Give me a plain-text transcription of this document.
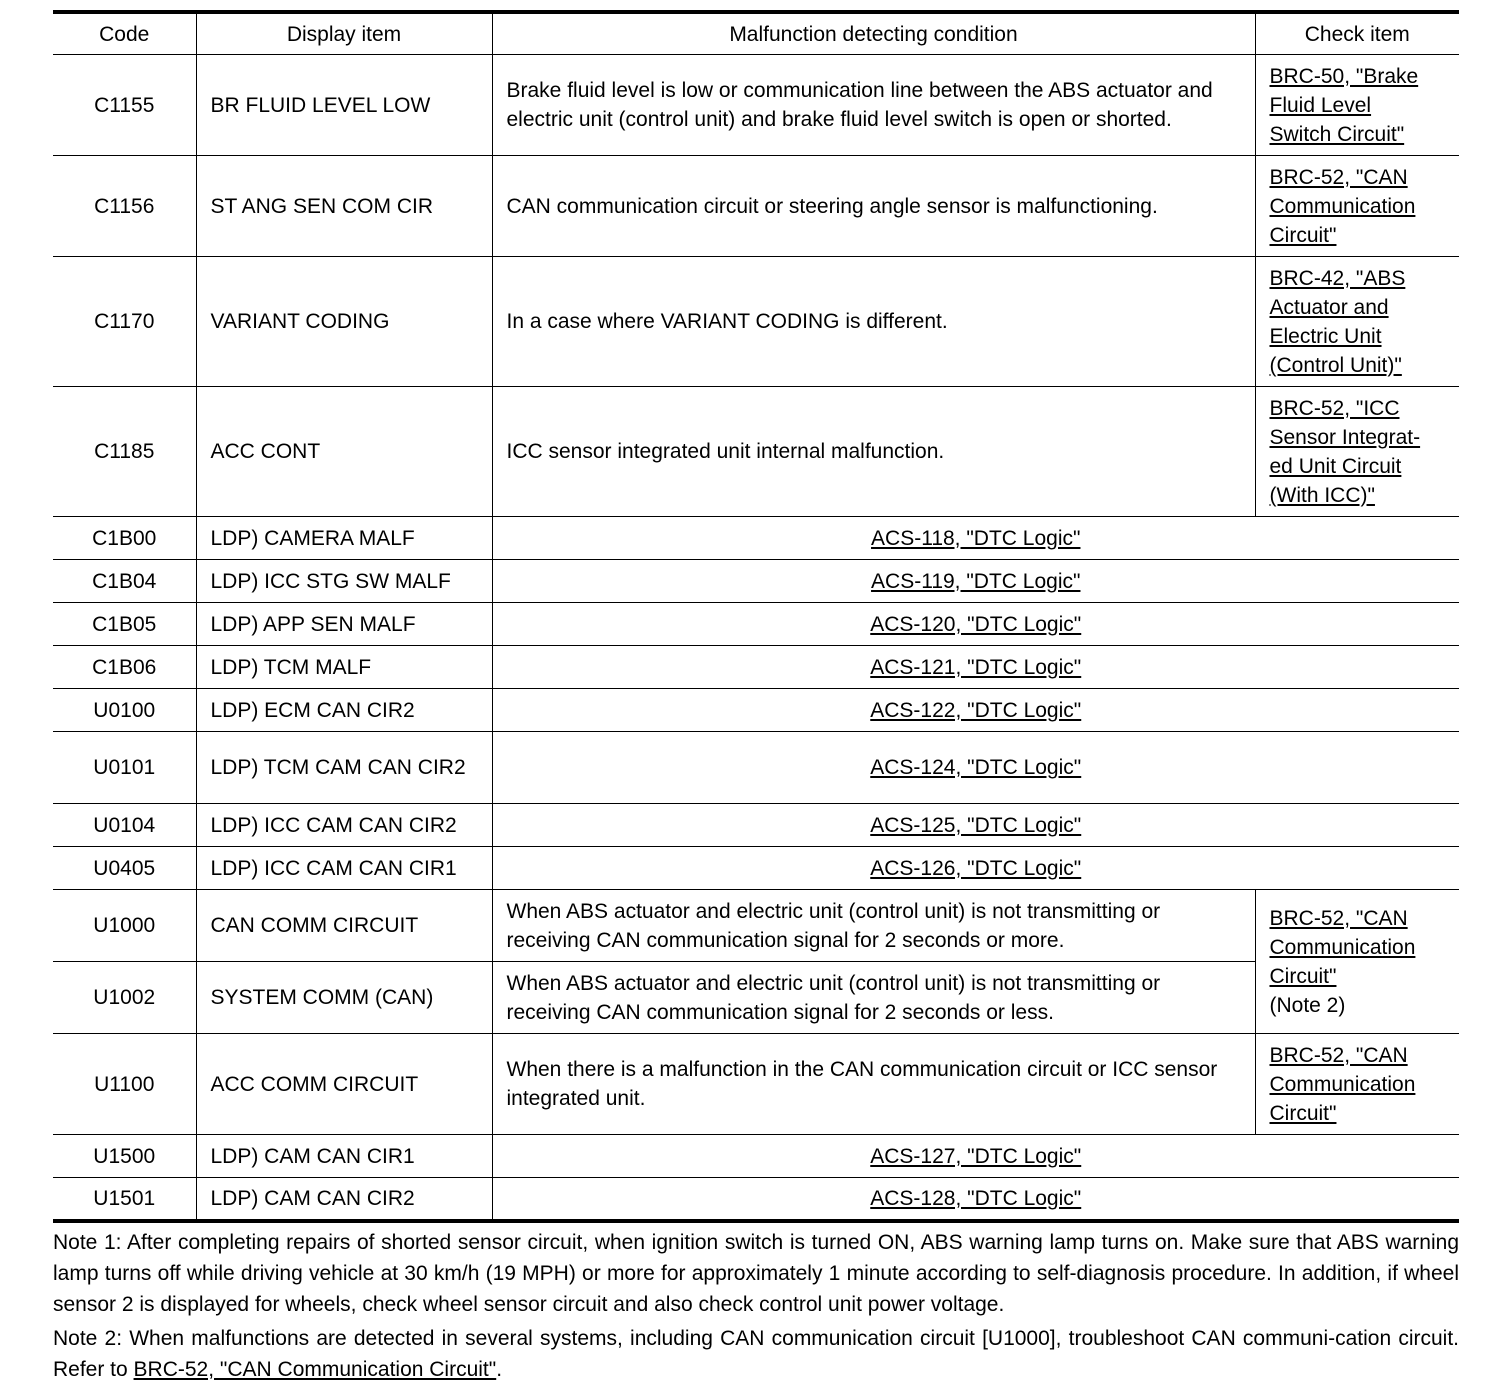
Code	Display item	Malfunction detecting condition	Check item
C1155	BR FLUID LEVEL LOW	Brake fluid level is low or communication line between the ABS actuator and electric unit (control unit) and brake fluid level switch is open or shorted.	BRC-50, "Brake
Fluid Level
Switch Circuit"

C1156	ST ANG SEN COM CIR	CAN communication circuit or steering angle sensor is malfunctioning.	BRC-52, "CAN
Communication
Circuit"

C1170	VARIANT CODING	In a case where VARIANT CODING is different.	BRC-42, "ABS
Actuator and
Electric Unit
(Control Unit)"

C1185	ACC CONT	ICC sensor integrated unit internal malfunction.	BRC-52, "ICC
Sensor Integrat-
ed Unit Circuit
(With ICC)"

C1B00	LDP) CAMERA MALF	ACS-118, "DTC Logic"	
C1B04	LDP) ICC STG SW MALF	ACS-119, "DTC Logic"	
C1B05	LDP) APP SEN MALF	ACS-120, "DTC Logic"	
C1B06	LDP) TCM MALF	ACS-121, "DTC Logic"	
U0100	LDP) ECM CAN CIR2	ACS-122, "DTC Logic"	
U0101	LDP) TCM CAM CAN CIR2	ACS-124, "DTC Logic"	
U0104	LDP) ICC CAM CAN CIR2	ACS-125, "DTC Logic"	
U0405	LDP) ICC CAM CAN CIR1	ACS-126, "DTC Logic"	
U1000	CAN COMM CIRCUIT	When ABS actuator and electric unit (control unit) is not transmitting or receiving CAN communication signal for 2 seconds or more.	BRC-52, "CAN
Communication
Circuit"
(Note 2)
U1002	SYSTEM COMM (CAN)	When ABS actuator and electric unit (control unit) is not transmitting or receiving CAN communication signal for 2 seconds or less.	
U1100	ACC COMM CIRCUIT	When there is a malfunction in the CAN communication circuit or ICC sensor integrated unit.	BRC-52, "CAN
Communication
Circuit"

U1500	LDP) CAM CAN CIR1	ACS-127, "DTC Logic"	
U1501	LDP) CAM CAN CIR2	ACS-128, "DTC Logic"	

Note 1: After completing repairs of shorted sensor circuit, when ignition switch is turned ON, ABS warning lamp turns on. Make sure that ABS warning lamp turns off while driving vehicle at 30 km/h (19 MPH) or more for approximately 1 minute according to self-diagnosis procedure. In addition, if wheel sensor 2 is displayed for wheels, check wheel sensor circuit and also check control unit power voltage.

Note 2: When malfunctions are detected in several systems, including CAN communication circuit [U1000], troubleshoot CAN communi-cation circuit. Refer to BRC-52, "CAN Communication Circuit".
